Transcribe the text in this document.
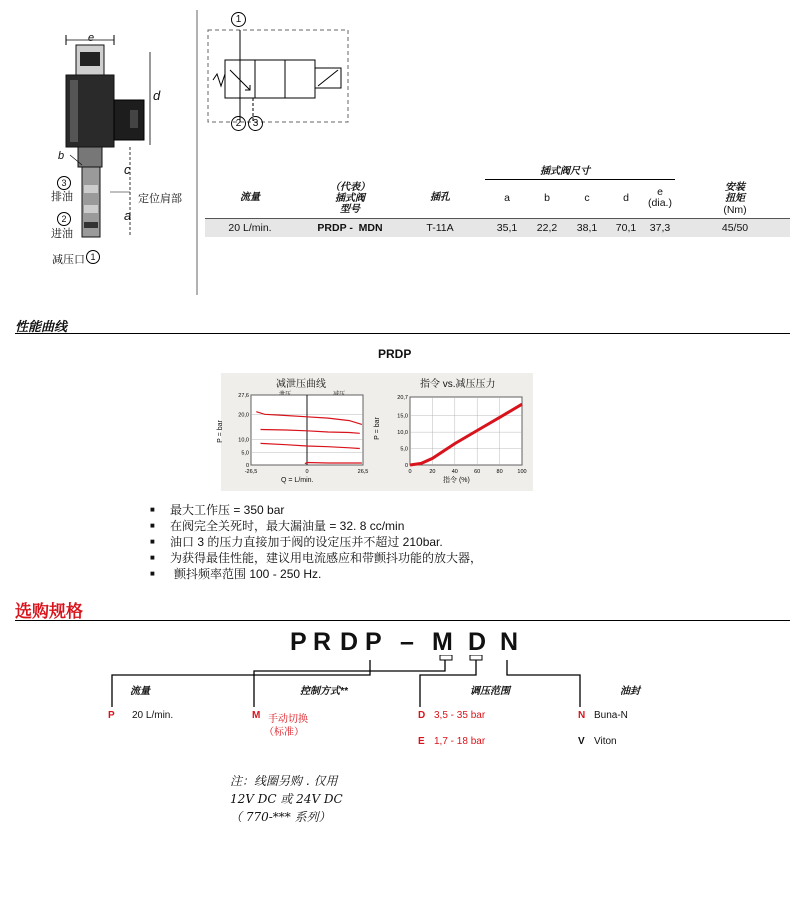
e
d
c
a
b
3
排油
2
进油
定位肩部
减压口 1
1
2	3
插式阀尺寸
流量
（代表）
插式阀
型号
插孔	a	b	c	d	e
(dia.)
安装
扭矩
(Nm)
20 L/min.	PRDP -  MDN	T-11A	35,1	22,2	38,1	70,1	37,3	45/50
性能曲线
PRDP
减泄压曲线
P = bar
Q = L/min.
27,6
20,0
10,0
5,0
0
-26,5	0	26,5
指令 vs.减压压力
P = bar
指令 (%)
20,7
15,0
10,0
5,0
0
0	20	40	60	80	100
■ 最大工作压 = 350 bar
■ 在阀完全关死时，最大漏油量 = 32. 8 cc/min
■ 油口 3 的压力直接加于阀的设定压并不超过 210bar.
■ 为获得最佳性能，建议用电流感应和带颤抖功能的放大器，
■ 颤抖频率范围 100 - 250 Hz.
选购规格
P R D P – M D N
流量
P 20 L/min.
控制方式**
M 手动切换
（标准）
调压范围
D 3,5 - 35 bar
E 1,7 - 18 bar
油封
N Buna-N
V Viton
注：线圈另购 . 仅用
12V DC 或 24V DC
（ 770-*** 系列）
